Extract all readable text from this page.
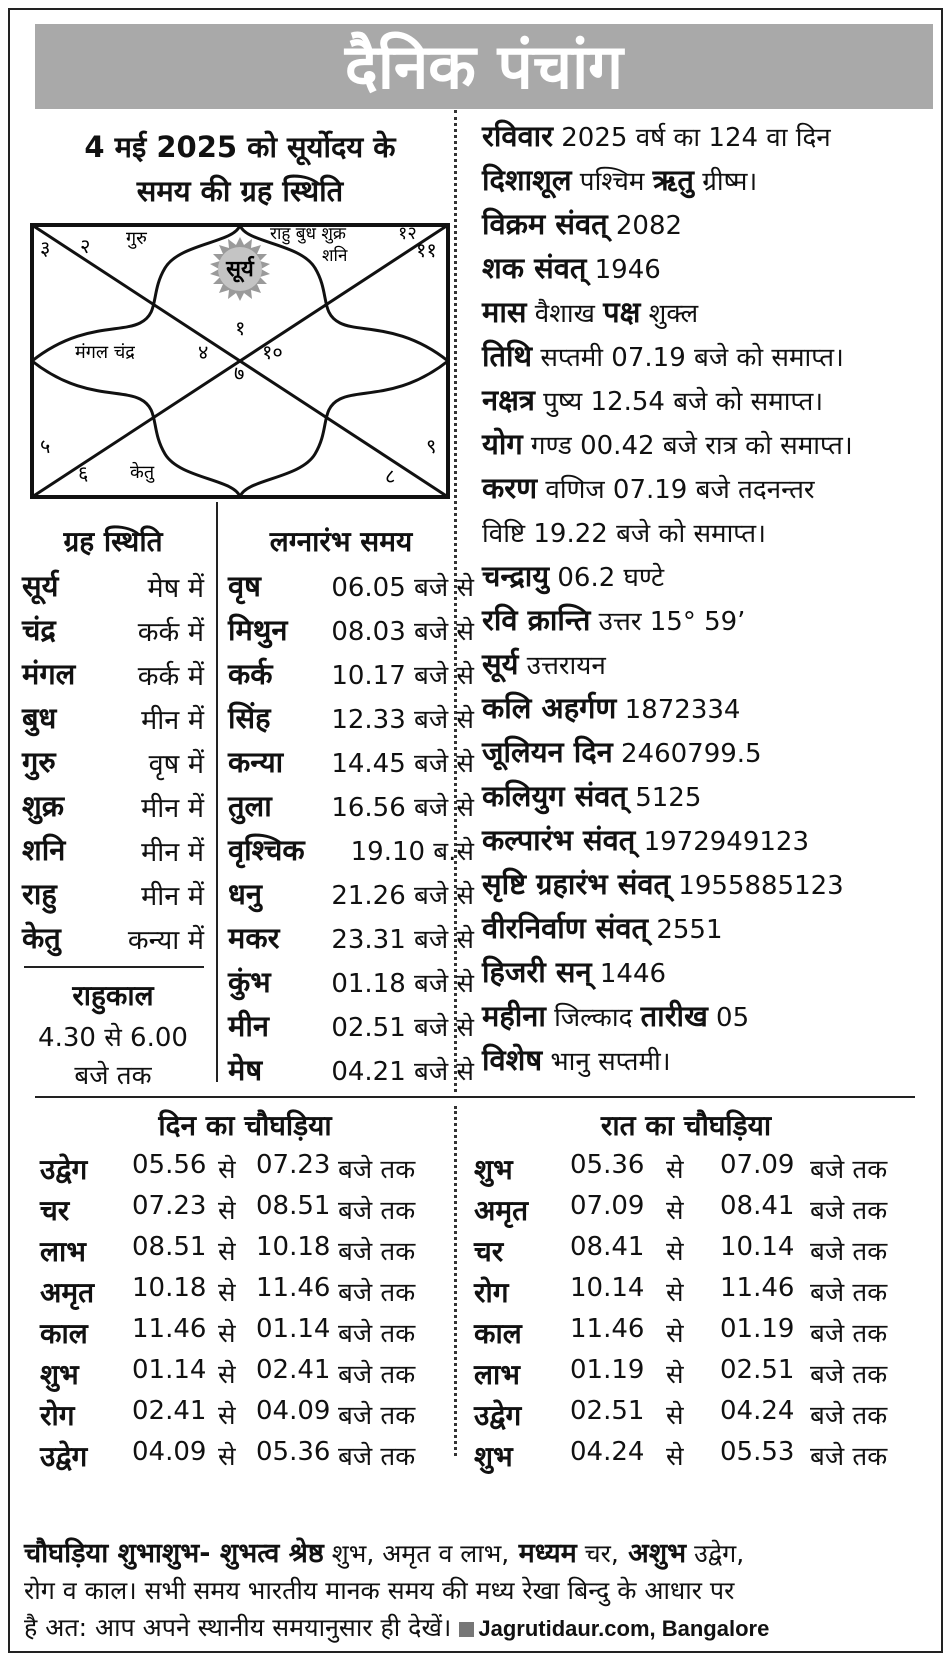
दैनिक पंचांग
4 मई 2025 को सूर्योदय के
समय की ग्रह स्थिति
सूर्य
१
२
३
४
५
६
७
८
९
१०
११
१२
गुरु
मंगल चंद्र
केतु
राहु बुध शुक्र
शनि
ग्रह स्थिति
सूर्य	मेष में
चंद्र	कर्क में
मंगल कर्क में
बुध	मीन में
गुरु	वृष में
शुक्र	मीन में
शनि	मीन में
राहु	मीन में
केतु कन्या में
राहुकाल
4.30 से 6.00
बजे तक
लग्नारंभ समय
वृष	06.05 बजे से
मिथुन 08.03 बजे से
कर्क 10.17 बजे से
सिंह 12.33 बजे से
कन्या 14.45 बजे से
तुला 16.56 बजे से
वृश्चिक 19.10 ब.से
धनु	21.26 बजे से
मकर 23.31 बजे से
कुंभ 01.18 बजे से
मीन 02.51 बजे से
मेष	04.21 बजे से
रविवार 2025 वर्ष का 124 वा दिन
दिशाशूल पश्चिम ऋतु ग्रीष्म।
विक्रम संवत् 2082
शक संवत् 1946
मास वैशाख पक्ष शुक्ल
तिथि सप्तमी 07.19 बजे को समाप्त।
नक्षत्र पुष्य 12.54 बजे को समाप्त।
योग गण्ड 00.42 बजे रात्र को समाप्त।
करण वणिज 07.19 बजे तदनन्तर
विष्टि 19.22 बजे को समाप्त।
चन्द्रायु 06.2 घण्टे
रवि क्रान्ति उत्तर 15° 59’
सूर्य उत्तरायन
कलि अहर्गण 1872334
जूलियन दिन 2460799.5
कलियुग संवत् 5125
कल्पारंभ संवत् 1972949123
सृष्टि ग्रहारंभ संवत् 1955885123
वीरनिर्वाण संवत् 2551
हिजरी सन् 1446
महीना जिल्काद तारीख 05
विशेष भानु सप्तमी।
दिन का चौघड़िया	रात का चौघड़िया
उद्वेग 05.56 से 07.23 बजे तक
चर 07.23 से 08.51 बजे तक
लाभ 08.51 से 10.18 बजे तक
अमृत 10.18 से 11.46 बजे तक
काल 11.46 से 01.14 बजे तक
शुभ 01.14 से 02.41 बजे तक
रोग 02.41 से 04.09 बजे तक
उद्वेग 04.09 से 05.36 बजे तक
शुभ 05.36 से 07.09 बजे तक
अमृत 07.09 से 08.41 बजे तक
चर	08.41 से 10.14 बजे तक
रोग 10.14 से 11.46 बजे तक
काल 11.46 से 01.19 बजे तक
लाभ 01.19 से 02.51 बजे तक
उद्वेग 02.51 से 04.24 बजे तक
शुभ 04.24 से 05.53 बजे तक
चौघड़िया शुभाशुभ- शुभत्व श्रेष्ठ शुभ, अमृत व लाभ, मध्यम चर, अशुभ उद्वेग,
रोग व काल। सभी समय भारतीय मानक समय की मध्य रेखा बिन्दु के आधार पर
है अत: आप अपने स्थानीय समयानुसार ही देखें। Jagrutidaur.com, Bangalore
